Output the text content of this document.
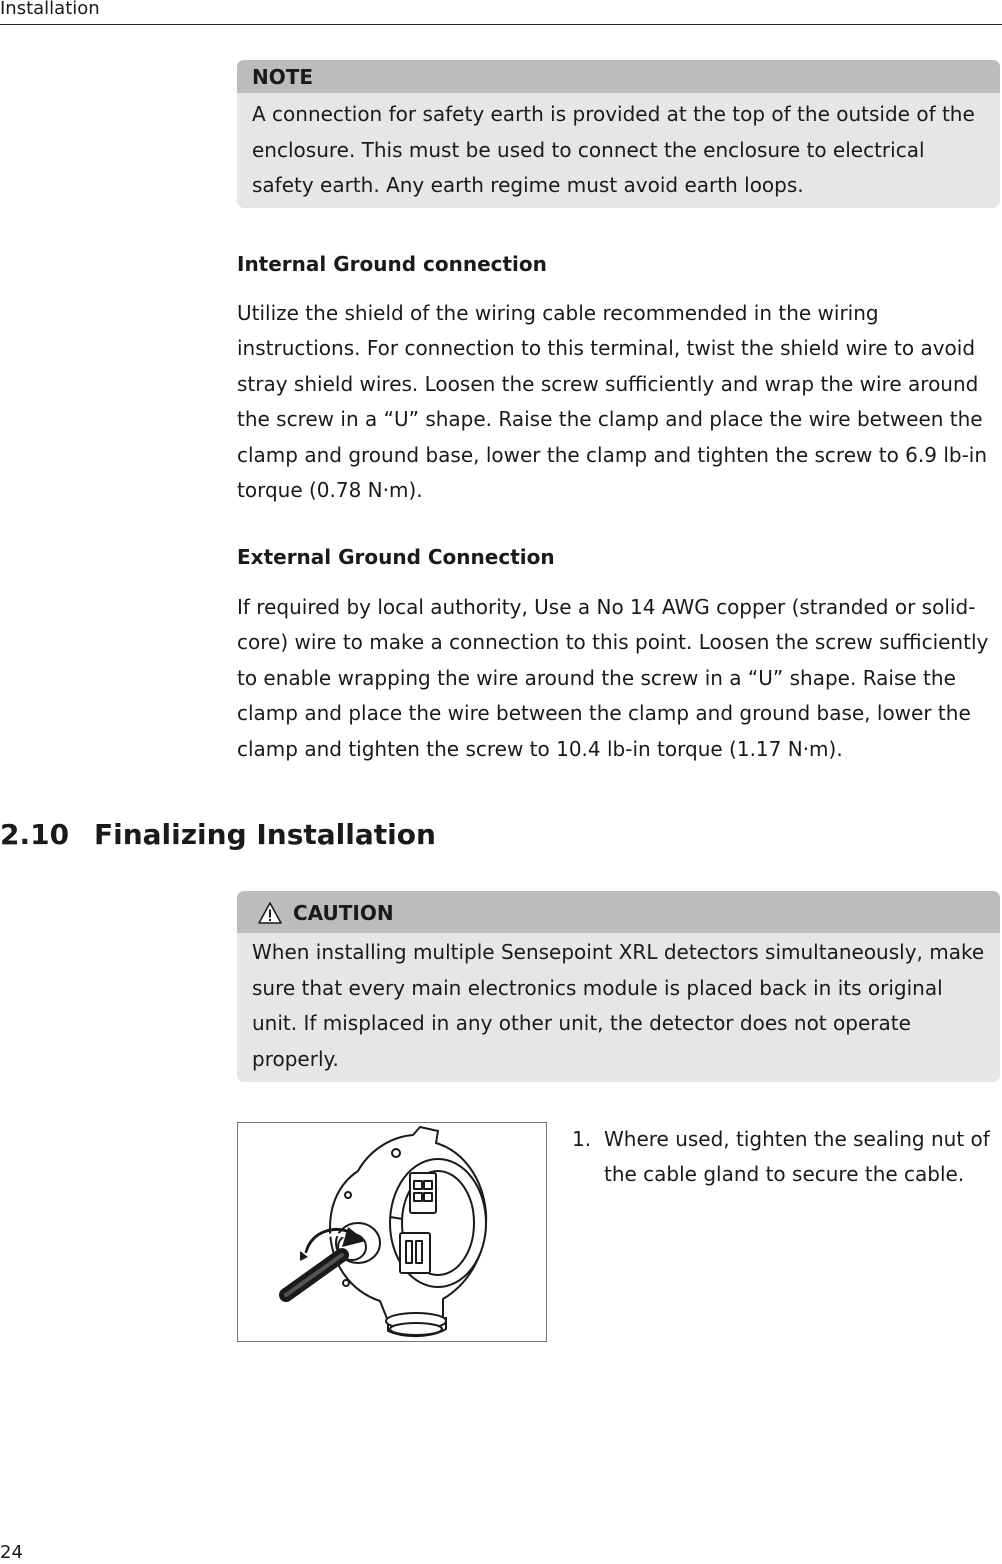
Installation
NOTE
A connection for safety earth is provided at the top of the outside of the enclosure. This must be used to connect the enclosure to electrical safety earth. Any earth regime must avoid earth loops.
Internal Ground connection

Utilize the shield of the wiring cable recommended in the wiring instructions. For connection to this terminal, twist the shield wire to avoid stray shield wires. Loosen the screw sufficiently and wrap the wire around the screw in a “U” shape. Raise the clamp and place the wire between the clamp and ground base, lower the clamp and tighten the screw to 6.9 lb-in torque (0.78 N·m).

External Ground Connection

If required by local authority, Use a No 14 AWG copper (stranded or solid-core) wire to make a connection to this point. Loosen the screw sufficiently to enable wrapping the wire around the screw in a “U” shape. Raise the clamp and place the wire between the clamp and ground base, lower the clamp and tighten the screw to 10.4 lb-in torque (1.17 N·m).

2.10 Finalizing Installation
CAUTION
When installing multiple Sensepoint XRL detectors simultaneously, make sure that every main electronics module is placed back in its original unit. If misplaced in any other unit, the detector does not operate properly.
1. Where used, tighten the sealing nut of the cable gland to secure the cable.
24
